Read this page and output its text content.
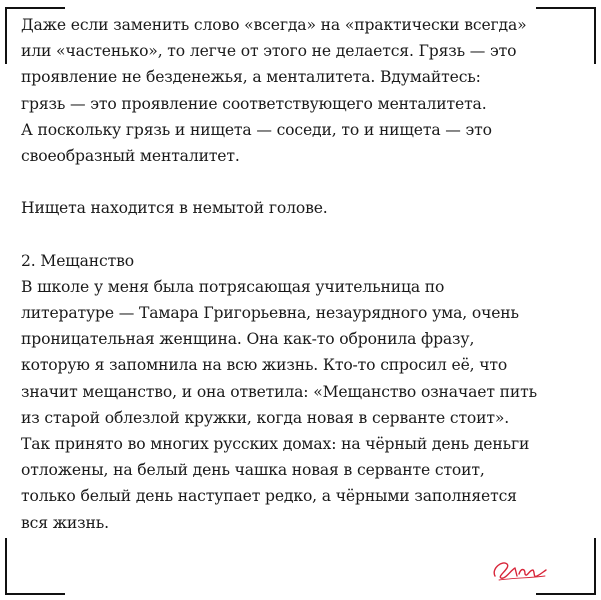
Даже если заменить слово «всегда» на «практически всегда»
или «частенько», то легче от этого не делается. Грязь — это
проявление не безденежья, а менталитета. Вдумайтесь:
грязь — это проявление соответствующего менталитета.
А поскольку грязь и нищета — соседи, то и нищета — это
своеобразный менталитет.
Нищета находится в немытой голове.
2. Мещанство
В школе у меня была потрясающая учительница по
литературе — Тамара Григорьевна, незаурядного ума, очень
проницательная женщина. Она как-то обронила фразу,
которую я запомнила на всю жизнь. Кто-то спросил её, что
значит мещанство, и она ответила: «Мещанство означает пить
из старой облезлой кружки, когда новая в серванте стоит».
Так принято во многих русских домах: на чёрный день деньги
отложены, на белый день чашка новая в серванте стоит,
только белый день наступает редко, а чёрными заполняется
вся жизнь.
